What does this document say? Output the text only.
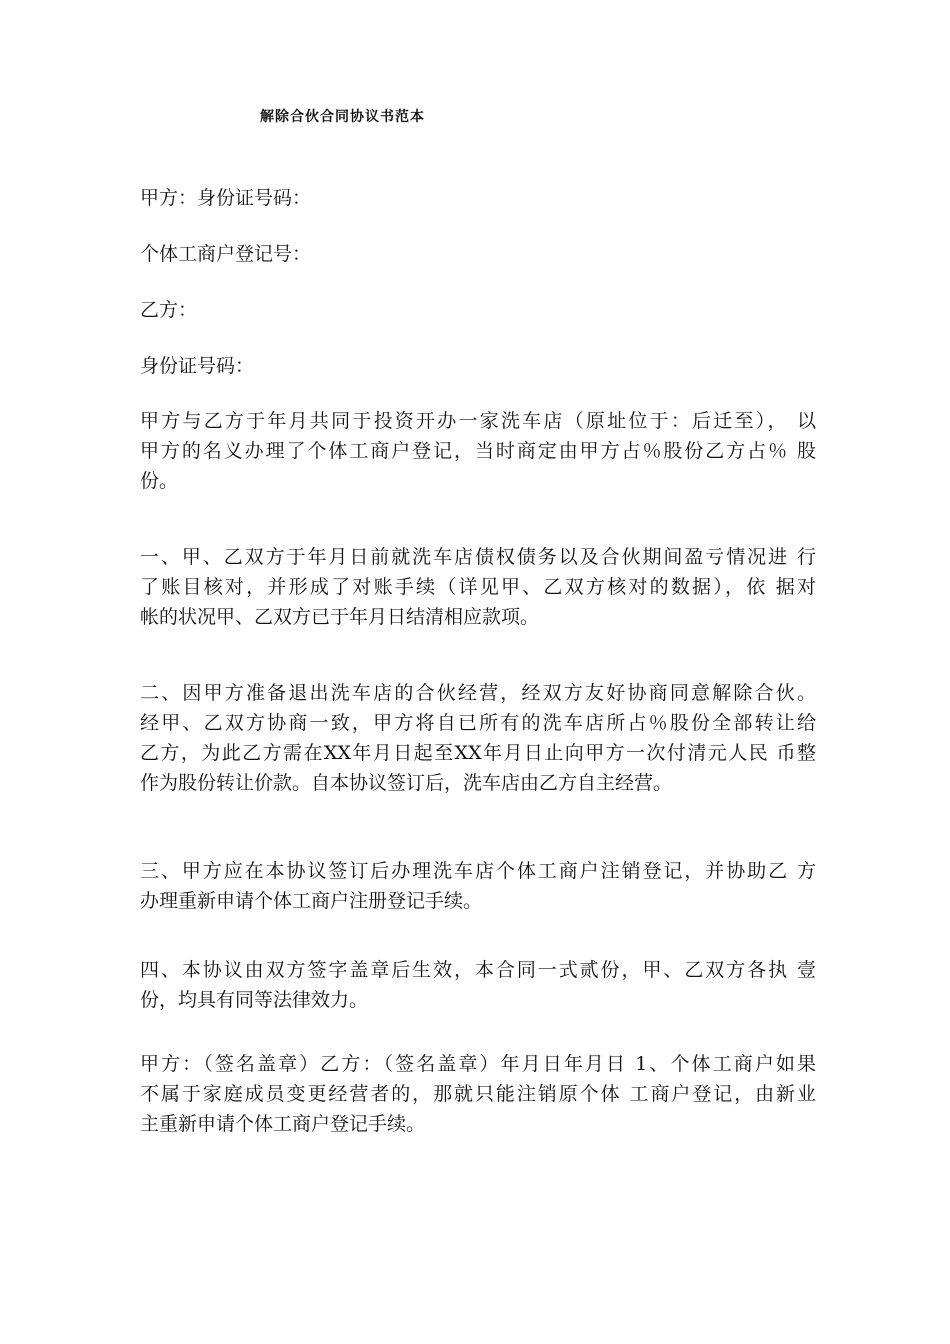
解除合伙合同协议书范本

甲方：身份证号码：

个体工商户登记号：

乙方：

身份证号码：

甲方与乙方于年月共同于投资开办一家洗车店（原址位于：后迁至）， 以
甲方的名义办理了个体工商户登记，当时商定由甲方占％股份乙方占％ 股
份。
一、甲、乙双方于年月日前就洗车店债权债务以及合伙期间盈亏情况进 行
了账目核对，并形成了对账手续（详见甲、乙双方核对的数据），依 据对
帐的状况甲、乙双方已于年月日结清相应款项。
二、因甲方准备退出洗车店的合伙经营，经双方友好协商同意解除合伙。
经甲、乙双方协商一致，甲方将自已所有的洗车店所占％股份全部转让给
乙方，为此乙方需在XX年月日起至XX年月日止向甲方一次付清元人民 币整
作为股份转让价款。自本协议签订后，洗车店由乙方自主经营。
三、甲方应在本协议签订后办理洗车店个体工商户注销登记，并协助乙 方
办理重新申请个体工商户注册登记手续。
四、本协议由双方签字盖章后生效，本合同一式贰份，甲、乙双方各执 壹
份，均具有同等法律效力。
甲方：（签名盖章）乙方：（签名盖章）年月日年月日 1、个体工商户如果
不属于家庭成员变更经营者的，那就只能注销原个体 工商户登记，由新业
主重新申请个体工商户登记手续。
